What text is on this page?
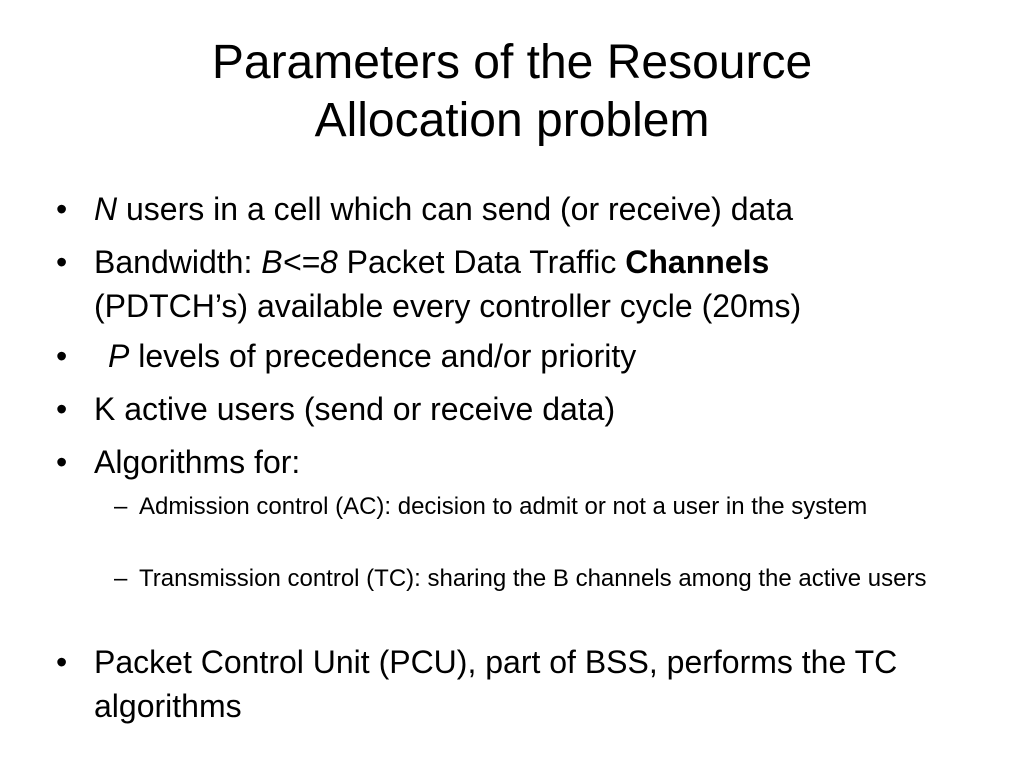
Parameters of the Resource
Allocation problem
• N users in a cell which can send (or receive) data
• Bandwidth: B<=8 Packet Data Traffic Channels
(PDTCH’s) available every controller cycle (20ms)
• P levels of precedence and/or priority
• K active users (send or receive data)
• Algorithms for:
– Admission control (AC): decision to admit or not a user in the system
– Transmission control (TC): sharing the B channels among the active users
• Packet Control Unit (PCU), part of BSS, performs the TC algorithms
